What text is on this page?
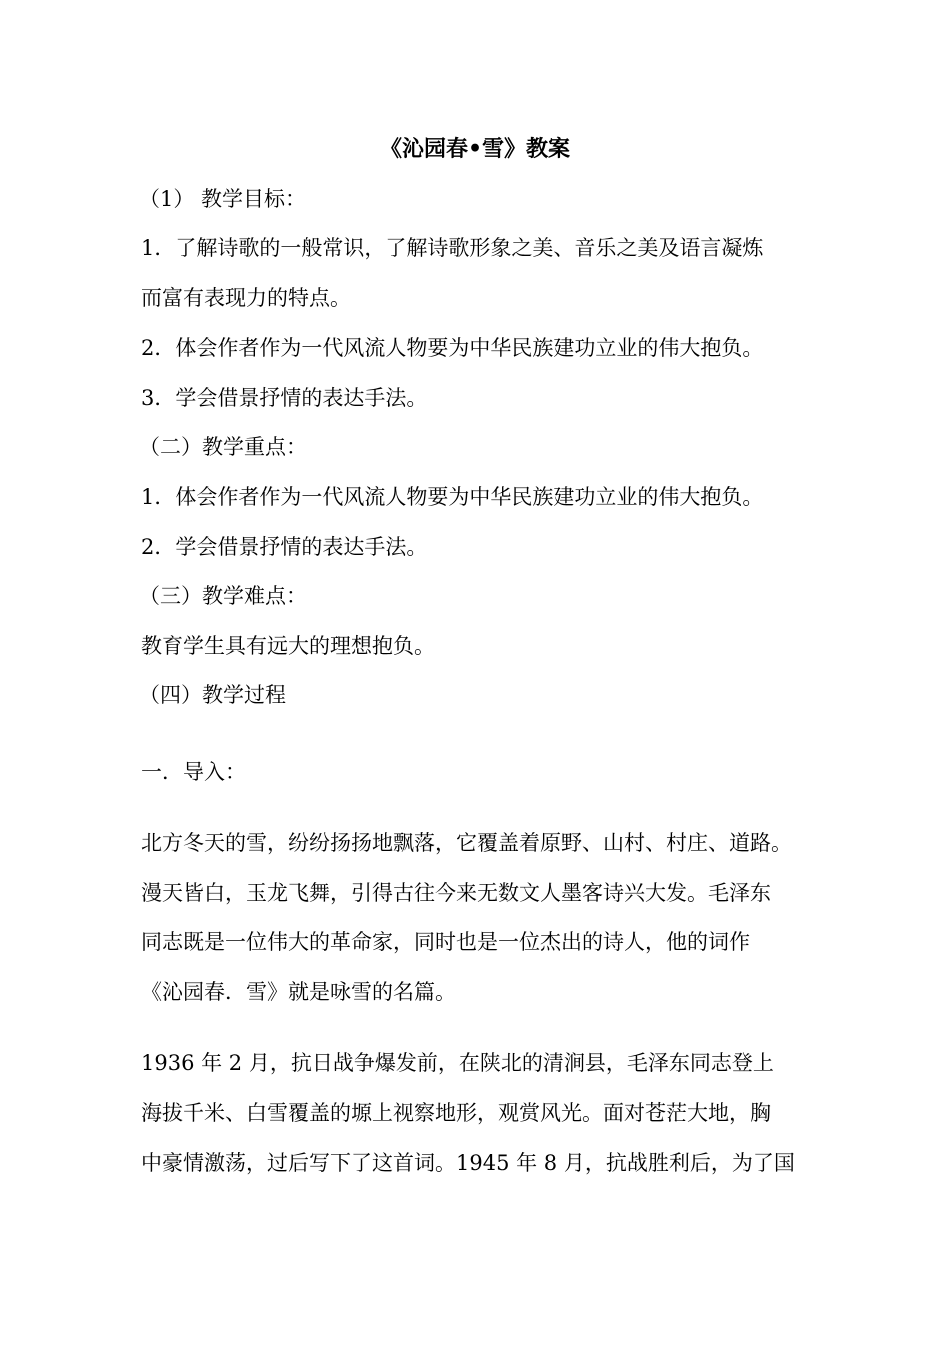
《沁园春•雪》教案
（1） 教学目标：
1．了解诗歌的一般常识，了解诗歌形象之美、音乐之美及语言凝炼
而富有表现力的特点。
2．体会作者作为一代风流人物要为中华民族建功立业的伟大抱负。
3．学会借景抒情的表达手法。
（二）教学重点：
1．体会作者作为一代风流人物要为中华民族建功立业的伟大抱负。
2．学会借景抒情的表达手法。
（三）教学难点：
教育学生具有远大的理想抱负。
（四）教学过程
一．导入：
北方冬天的雪，纷纷扬扬地飘落，它覆盖着原野、山村、村庄、道路。
漫天皆白，玉龙飞舞，引得古往今来无数文人墨客诗兴大发。毛泽东
同志既是一位伟大的革命家，同时也是一位杰出的诗人，他的词作
《沁园春．雪》就是咏雪的名篇。
1936 年 2 月，抗日战争爆发前，在陕北的清涧县，毛泽东同志登上
海拔千米、白雪覆盖的塬上视察地形，观赏风光。面对苍茫大地，胸
中豪情激荡，过后写下了这首词。1945 年 8 月，抗战胜利后，为了国
